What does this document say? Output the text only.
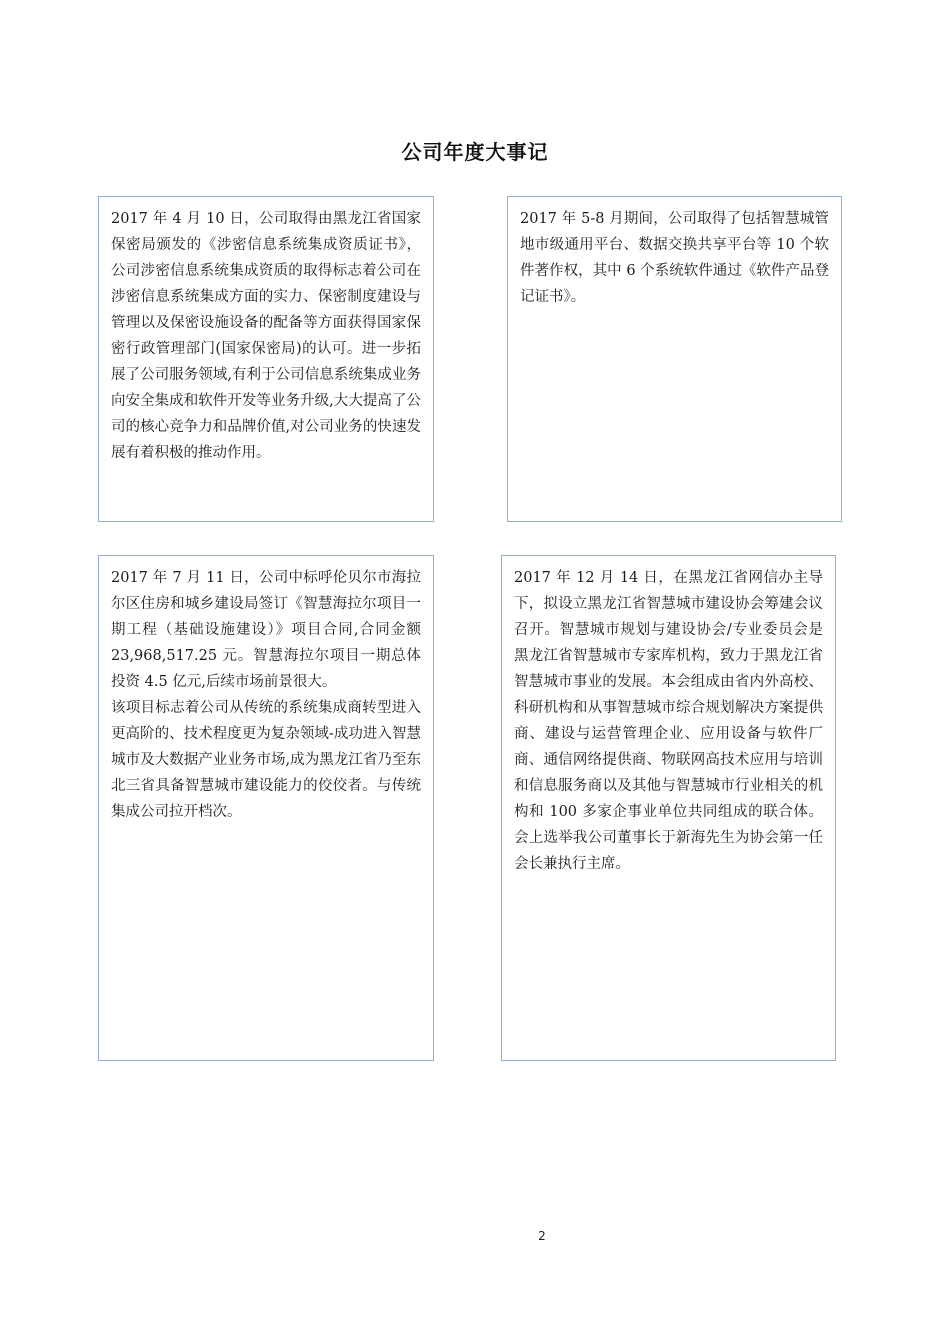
公司年度大事记

2017 年 4 月 10 日，公司取得由黑龙江省国家保密局颁发的《涉密信息系统集成资质证书》，公司涉密信息系统集成资质的取得标志着公司在涉密信息系统集成方面的实力、保密制度建设与管理以及保密设施设备的配备等方面获得国家保密行政管理部门(国家保密局)的认可。进一步拓展了公司服务领域,有利于公司信息系统集成业务向安全集成和软件开发等业务升级,大大提高了公司的核心竞争力和品牌价值,对公司业务的快速发展有着积极的推动作用。

2017 年 5-8 月期间，公司取得了包括智慧城管地市级通用平台、数据交换共享平台等 10 个软件著作权，其中 6 个系统软件通过《软件产品登记证书》。

2017 年 7 月 11 日，公司中标呼伦贝尔市海拉尔区住房和城乡建设局签订《智慧海拉尔项目一期工程（基础设施建设）》项目合同,合同金额 23,968,517.25 元。智慧海拉尔项目一期总体投资 4.5 亿元,后续市场前景很大。

该项目标志着公司从传统的系统集成商转型进入更高阶的、技术程度更为复杂领域-成功进入智慧城市及大数据产业业务市场,成为黑龙江省乃至东北三省具备智慧城市建设能力的佼佼者。与传统集成公司拉开档次。

2017 年 12 月 14 日，在黑龙江省网信办主导下，拟设立黑龙江省智慧城市建设协会筹建会议召开。智慧城市规划与建设协会/专业委员会是黑龙江省智慧城市专家库机构，致力于黑龙江省智慧城市事业的发展。本会组成由省内外高校、科研机构和从事智慧城市综合规划解决方案提供商、建设与运营管理企业、应用设备与软件厂商、通信网络提供商、物联网高技术应用与培训和信息服务商以及其他与智慧城市行业相关的机构和 100 多家企事业单位共同组成的联合体。会上选举我公司董事长于新海先生为协会第一任会长兼执行主席。

2
